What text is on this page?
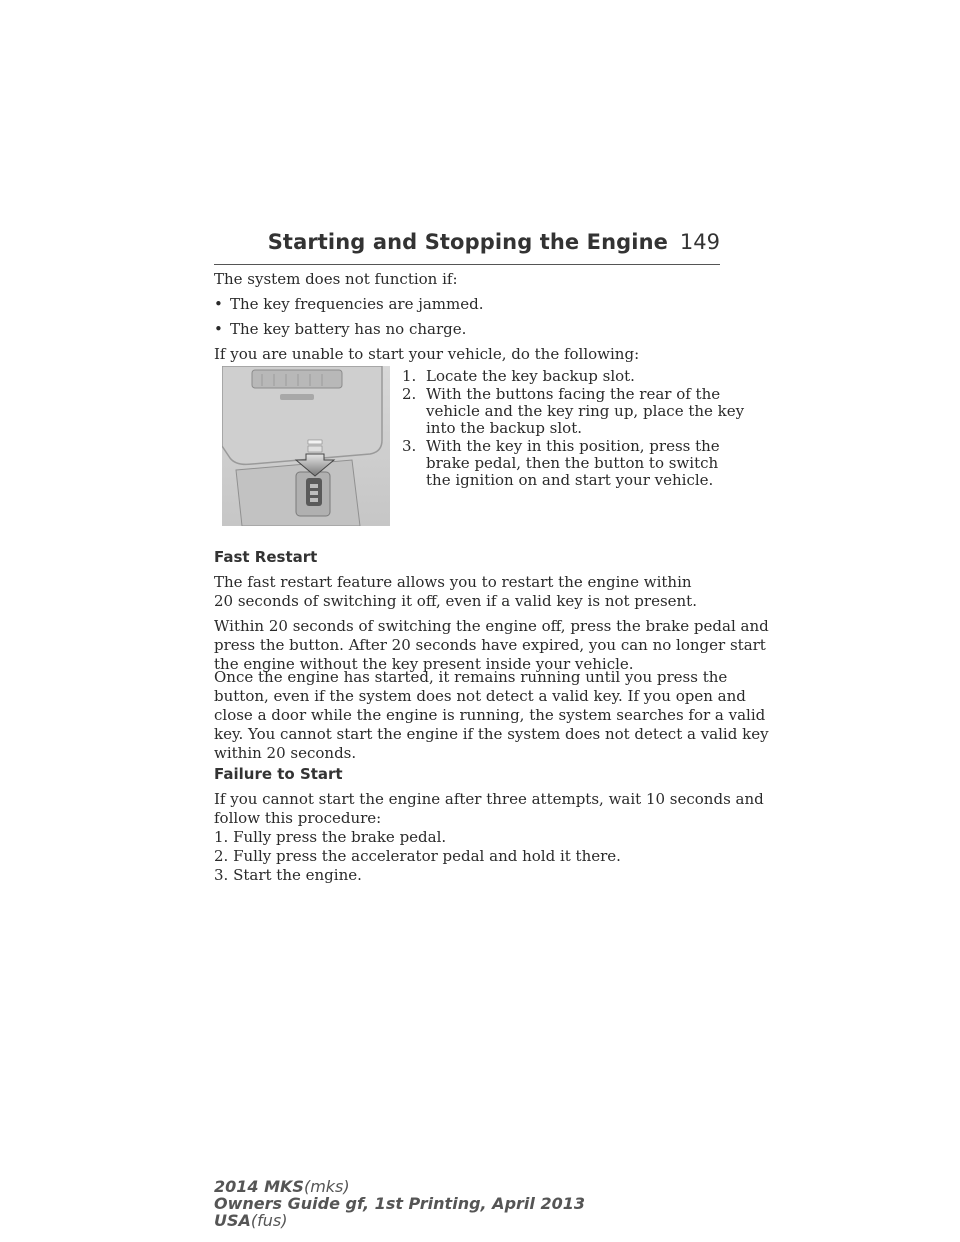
Starting and Stopping the Engine 149
The system does not function if:
• The key frequencies are jammed.
• The key battery has no charge.
If you are unable to start your vehicle, do the following:
1. Locate the key backup slot.
2. With the buttons facing the rear of the
vehicle and the key ring up, place the key
into the backup slot.
3. With the key in this position, press the
brake pedal, then the button to switch
the ignition on and start your vehicle.
Fast Restart
The fast restart feature allows you to restart the engine within
20 seconds of switching it off, even if a valid key is not present.
Within 20 seconds of switching the engine off, press the brake pedal and
press the button. After 20 seconds have expired, you can no longer start
the engine without the key present inside your vehicle.
Once the engine has started, it remains running until you press the
button, even if the system does not detect a valid key. If you open and
close a door while the engine is running, the system searches for a valid
key. You cannot start the engine if the system does not detect a valid key
within 20 seconds.
Failure to Start
If you cannot start the engine after three attempts, wait 10 seconds and
follow this procedure:
1. Fully press the brake pedal.
2. Fully press the accelerator pedal and hold it there.
3. Start the engine.
2014 MKS(mks)
Owners Guide gf, 1st Printing, April 2013
USA(fus)
